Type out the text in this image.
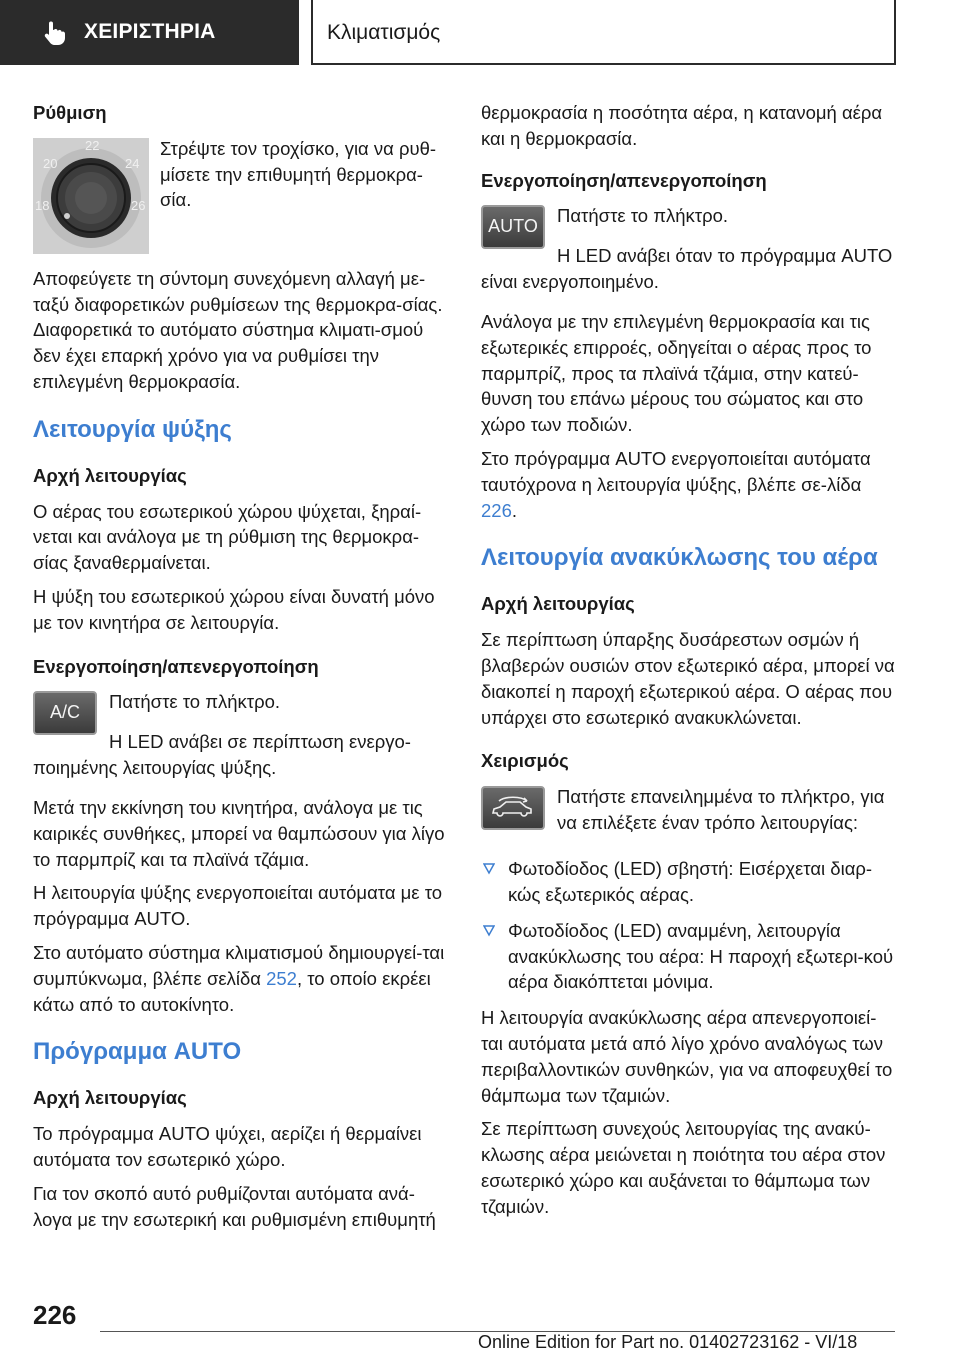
ΧΕΙΡΙΣΤΗΡΙΑ	Κλιματισμός
Ρύθμιση
22
20	24
18	26
Στρέψτε τον τροχίσκο, για να ρυθ-μίσετε την επιθυμητή θερμοκρα-σία.

Αποφεύγετε τη σύντομη συνεχόμενη αλλαγή με-ταξύ διαφορετικών ρυθμίσεων της θερμοκρα-σίας. Διαφορετικά το αυτόματο σύστημα κλιματι-σμού δεν έχει επαρκή χρόνο για να ρυθμίσει την επιλεγμένη θερμοκρασία.

Λειτουργία ψύξης
Αρχή λειτουργίας

Ο αέρας του εσωτερικού χώρου ψύχεται, ξηραί-νεται και ανάλογα με τη ρύθμιση της θερμοκρα-σίας ξαναθερμαίνεται.

Η ψύξη του εσωτερικού χώρου είναι δυνατή μόνο με τον κινητήρα σε λειτουργία.

Ενεργοποίηση/απενεργοποίηση
A/C
Πατήστε το πλήκτρο.

Η LED ανάβει σε περίπτωση ενεργο-ποιημένης λειτουργίας ψύξης.

Μετά την εκκίνηση του κινητήρα, ανάλογα με τις καιρικές συνθήκες, μπορεί να θαμπώσουν για λίγο το παρμπρίζ και τα πλαϊνά τζάμια.

Η λειτουργία ψύξης ενεργοποιείται αυτόματα με το πρόγραμμα AUTO.

Στο αυτόματο σύστημα κλιματισμού δημιουργεί-ται συμπύκνωμα, βλέπε σελίδα 252, το οποίο εκρέει κάτω από το αυτοκίνητο.

Πρόγραμμα AUTO
Αρχή λειτουργίας

Το πρόγραμμα AUTO ψύχει, αερίζει ή θερμαίνει αυτόματα τον εσωτερικό χώρο.

Για τον σκοπό αυτό ρυθμίζονται αυτόματα ανά-λογα με την εσωτερική και ρυθμισμένη επιθυμητή

θερμοκρασία η ποσότητα αέρα, η κατανομή αέρα και η θερμοκρασία.

Ενεργοποίηση/απενεργοποίηση
AUTO
Πατήστε το πλήκτρο.

Η LED ανάβει όταν το πρόγραμμα AUTO είναι ενεργοποιημένο.

Ανάλογα με την επιλεγμένη θερμοκρασία και τις εξωτερικές επιρροές, οδηγείται ο αέρας προς το παρμπρίζ, προς τα πλαϊνά τζάμια, στην κατεύ-θυνση του επάνω μέρους του σώματος και στο χώρο των ποδιών.

Στο πρόγραμμα AUTO ενεργοποιείται αυτόματα ταυτόχρονα η λειτουργία ψύξης, βλέπε σε-λίδα 226.

Λειτουργία ανακύκλωσης του αέρα
Αρχή λειτουργίας

Σε περίπτωση ύπαρξης δυσάρεστων οσμών ή βλαβερών ουσιών στον εξωτερικό αέρα, μπορεί να διακοπεί η παροχή εξωτερικού αέρα. Ο αέρας που υπάρχει στο εσωτερικό ανακυκλώνεται.

Χειρισμός
Πατήστε επανειλημμένα το πλήκτρο, για να επιλέξετε έναν τρόπο λειτουργίας:
Φωτοδίοδος (LED) σβηστή: Εισέρχεται διαρ-κώς εξωτερικός αέρας.
Φωτοδίοδος (LED) αναμμένη, λειτουργία ανακύκλωσης του αέρα: Η παροχή εξωτερι-κού αέρα διακόπτεται μόνιμα.

Η λειτουργία ανακύκλωσης αέρα απενεργοποιεί-ται αυτόματα μετά από λίγο χρόνο αναλόγως των περιβαλλοντικών συνθηκών, για να αποφευχθεί το θάμπωμα των τζαμιών.

Σε περίπτωση συνεχούς λειτουργίας της ανακύ-κλωσης αέρα μειώνεται η ποιότητα του αέρα στον εσωτερικό χώρο και αυξάνεται το θάμπωμα των τζαμιών.

226
Online Edition for Part no. 01402723162 - VI/18
